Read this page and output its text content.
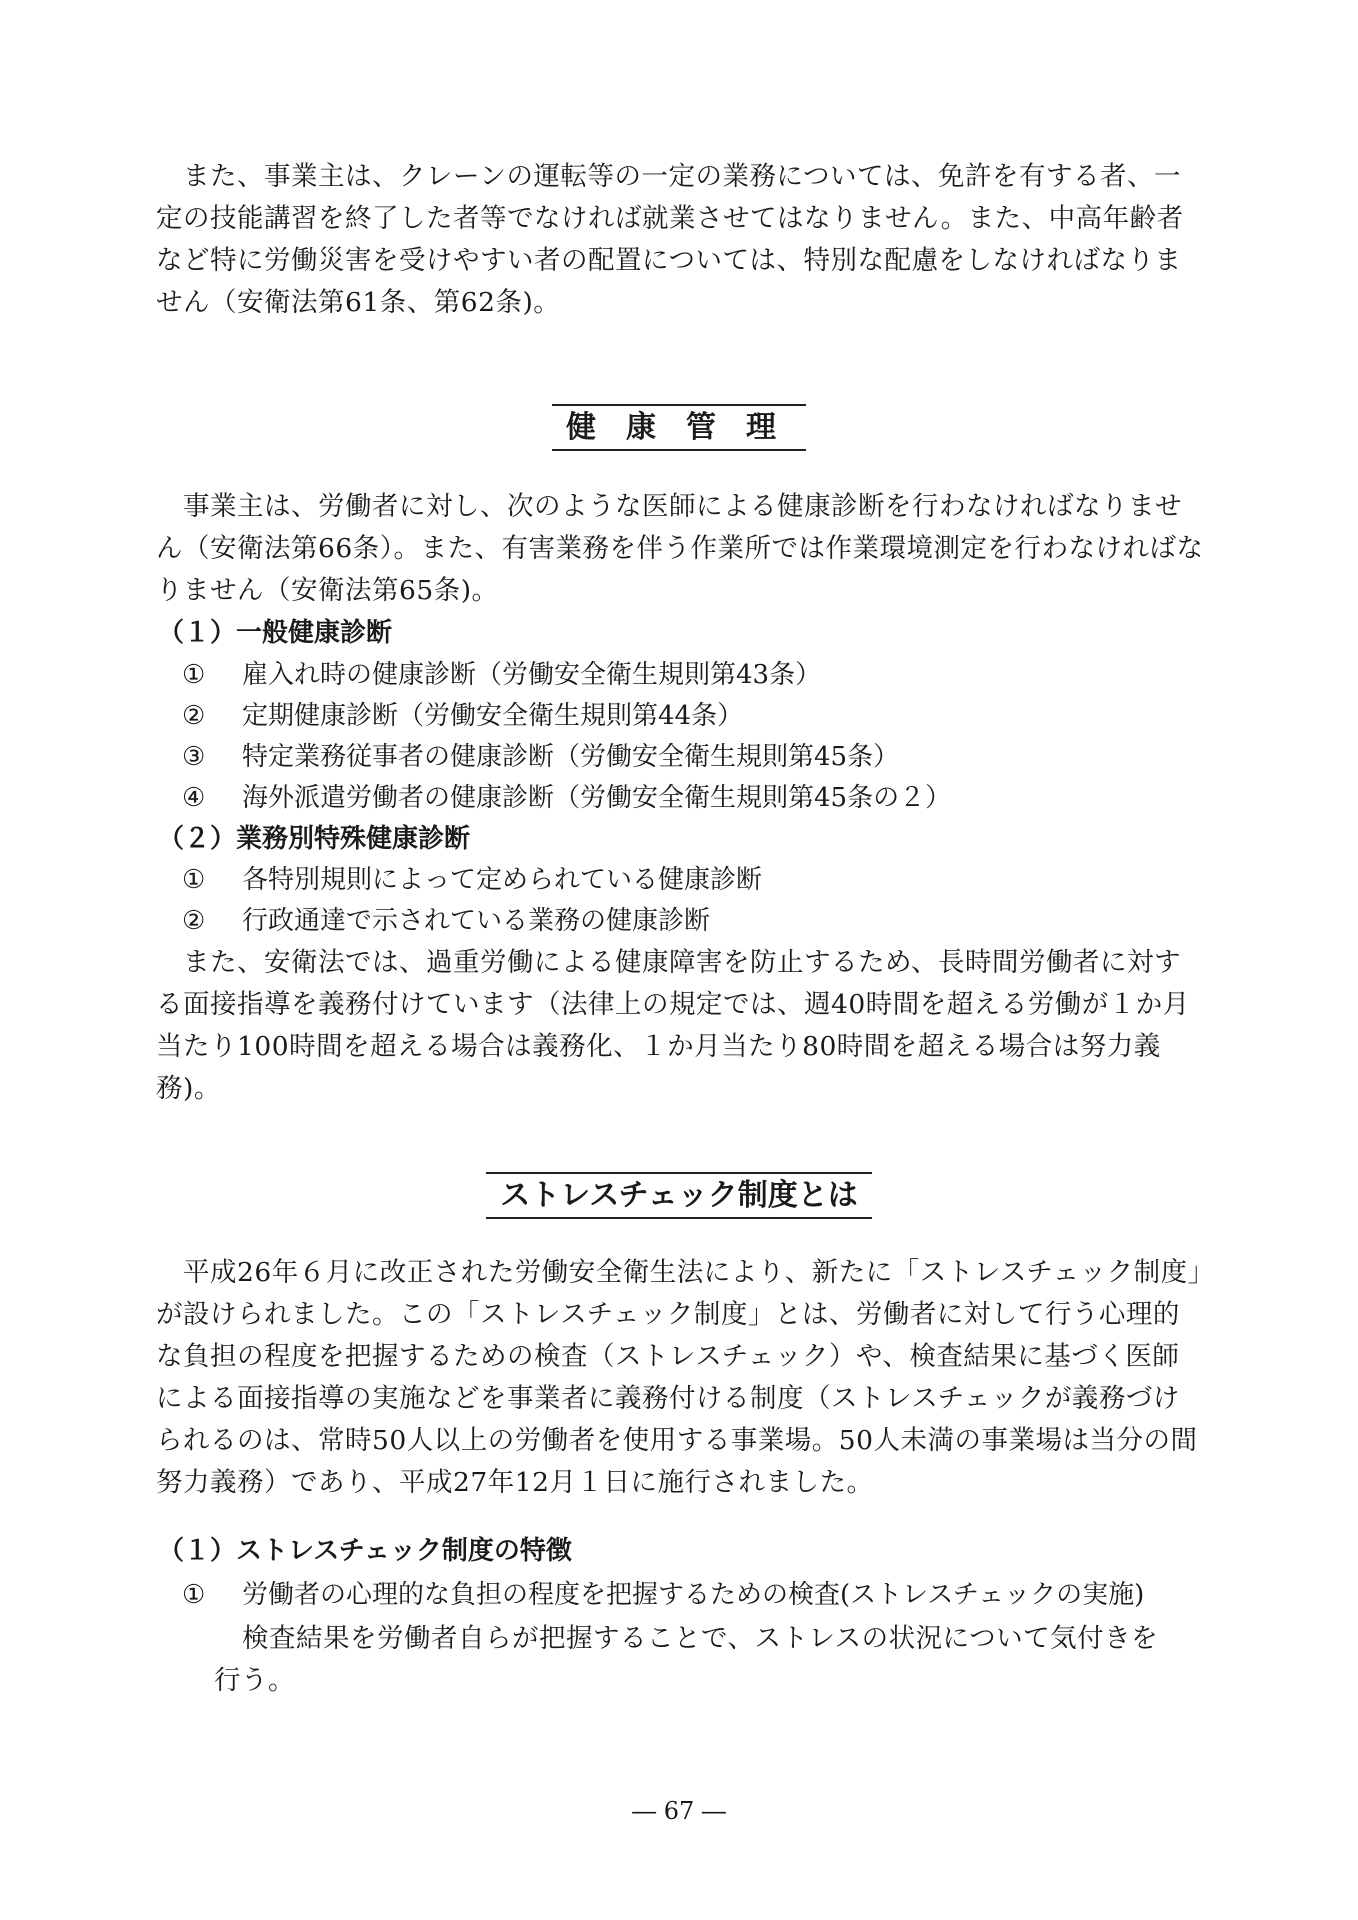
また、事業主は、クレーンの運転等の一定の業務については、免許を有する者、一定の技能講習を終了した者等でなければ就業させてはなりません。また、中高年齢者など特に労働災害を受けやすい者の配置については、特別な配慮をしなければなりません（安衛法第61条、第62条)。

健康管理

事業主は、労働者に対し、次のような医師による健康診断を行わなければなりません（安衛法第66条）。また、有害業務を伴う作業所では作業環境測定を行わなければなりません（安衛法第65条)。

（１）一般健康診断
① 雇入れ時の健康診断（労働安全衛生規則第43条）
② 定期健康診断（労働安全衛生規則第44条）
③ 特定業務従事者の健康診断（労働安全衛生規則第45条）
④ 海外派遣労働者の健康診断（労働安全衛生規則第45条の２）
（２）業務別特殊健康診断
① 各特別規則によって定められている健康診断
② 行政通達で示されている業務の健康診断

また、安衛法では、過重労働による健康障害を防止するため、長時間労働者に対する面接指導を義務付けています（法律上の規定では、週40時間を超える労働が１か月当たり100時間を超える場合は義務化、１か月当たり80時間を超える場合は努力義務)。

ストレスチェック制度とは

平成26年６月に改正された労働安全衛生法により、新たに「ストレスチェック制度」が設けられました。この「ストレスチェック制度」とは、労働者に対して行う心理的な負担の程度を把握するための検査（ストレスチェック）や、検査結果に基づく医師による面接指導の実施などを事業者に義務付ける制度（ストレスチェックが義務づけられるのは、常時50人以上の労働者を使用する事業場。50人未満の事業場は当分の間努力義務）であり、平成27年12月１日に施行されました。

（１）ストレスチェック制度の特徴
① 労働者の心理的な負担の程度を把握するための検査(ストレスチェックの実施)
検査結果を労働者自らが把握することで、ストレスの状況について気付きを
行う。
― 67 ―
